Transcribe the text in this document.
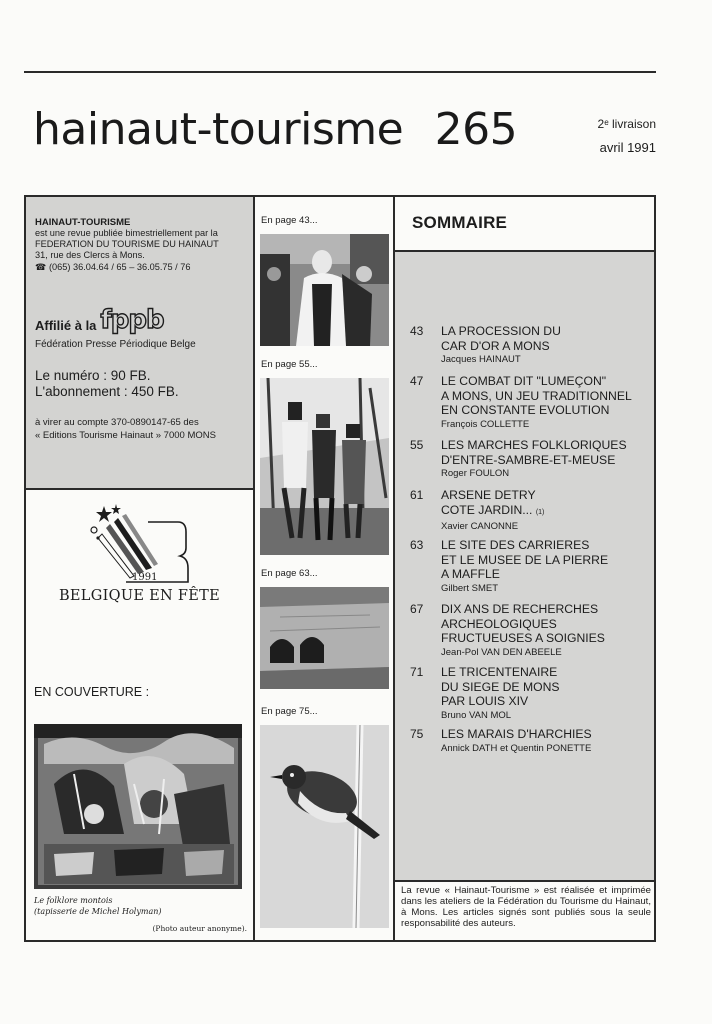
hainaut-tourisme 265	2ᵉ livraison
avril 1991
HAINAUT-TOURISME
est une revue publiée bimestriellement par la
FEDERATION DU TOURISME DU HAINAUT
31, rue des Clercs à Mons.
☎ (065) 36.04.64 / 65 – 36.05.75 / 76
Affilié à la fppb
Fédération Presse Périodique Belge
Le numéro : 90 FB.
L'abonnement : 450 FB.
à virer au compte 370-0890147-65 des
« Editions Tourisme Hainaut » 7000 MONS
1991
BELGIQUE EN FÊTE
EN COUVERTURE :
Le folklore montois
(tapisserie de Michel Holyman)
(Photo auteur anonyme).
En page 43...
En page 55...
En page 63...
En page 75...
SOMMAIRE
43 LA PROCESSION DU
CAR D'OR A MONS
Jacques HAINAUT
47 LE COMBAT DIT "LUMEÇON"
A MONS, UN JEU TRADITIONNEL
EN CONSTANTE EVOLUTION
François COLLETTE
55 LES MARCHES FOLKLORIQUES
D'ENTRE-SAMBRE-ET-MEUSE
Roger FOULON
61 ARSENE DETRY
COTE JARDIN... (1)
Xavier CANONNE
63 LE SITE DES CARRIERES
ET LE MUSEE DE LA PIERRE
A MAFFLE
Gilbert SMET
67 DIX ANS DE RECHERCHES
ARCHEOLOGIQUES
FRUCTUEUSES A SOIGNIES
Jean-Pol VAN DEN ABEELE
71 LE TRICENTENAIRE
DU SIEGE DE MONS
PAR LOUIS XIV
Bruno VAN MOL
75 LES MARAIS D'HARCHIES
Annick DATH et Quentin PONETTE
La revue « Hainaut-Tourisme » est réalisée et imprimée dans les ateliers de la Fédération du Tourisme du Hainaut, à Mons. Les articles signés sont publiés sous la seule responsabilité des auteurs.
